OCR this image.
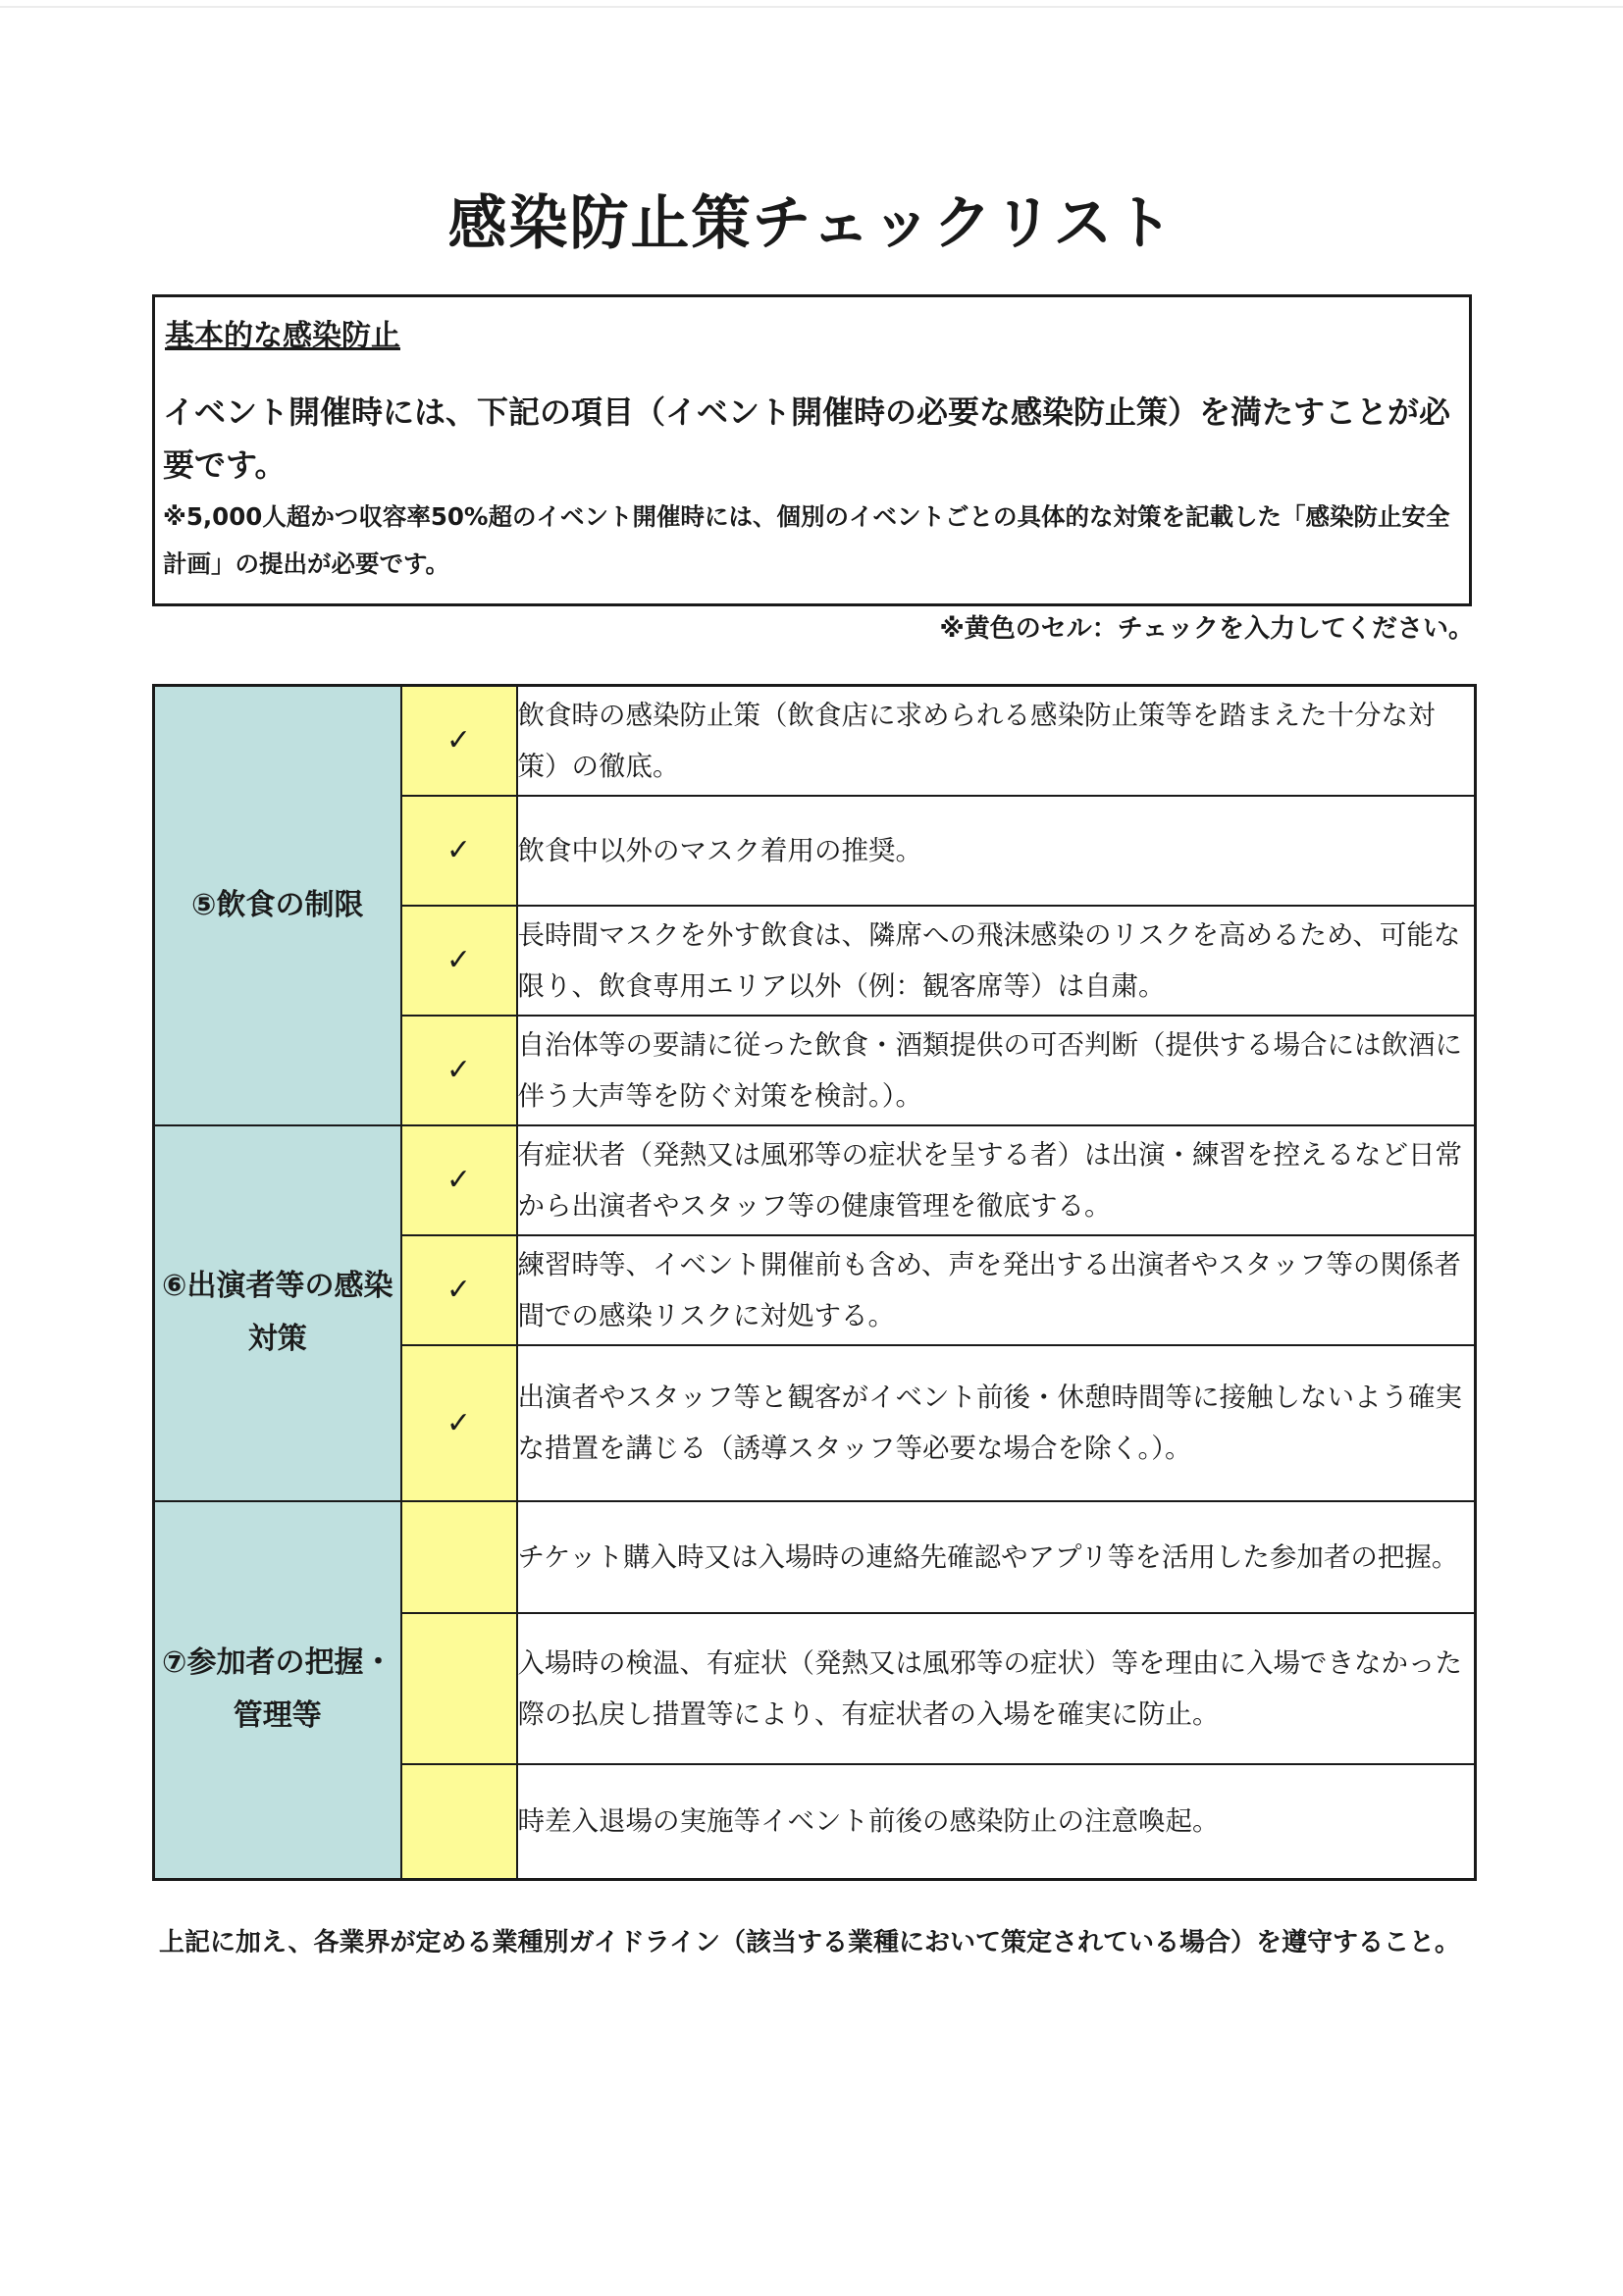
感染防止策チェックリスト
基本的な感染防止
イベント開催時には、下記の項目（イベント開催時の必要な感染防止策）を満たすことが必要です。
※5,000人超かつ収容率50%超のイベント開催時には、個別のイベントごとの具体的な対策を記載した「感染防止安全計画」の提出が必要です。
※黄色のセル：チェックを入力してください。
⑤飲食の制限	✓	飲食時の感染防止策（飲食店に求められる感染防止策等を踏まえた十分な対策）の徹底。
	✓	飲食中以外のマスク着用の推奨。
	✓	長時間マスクを外す飲食は、隣席への飛沫感染のリスクを高めるため、可能な限り、飲食専用エリア以外（例：観客席等）は自粛。
	✓	自治体等の要請に従った飲食・酒類提供の可否判断（提供する場合には飲酒に伴う大声等を防ぐ対策を検討。）。
⑥出演者等の感染対策	✓	有症状者（発熱又は風邪等の症状を呈する者）は出演・練習を控えるなど日常から出演者やスタッフ等の健康管理を徹底する。
	✓	練習時等、イベント開催前も含め、声を発出する出演者やスタッフ等の関係者間での感染リスクに対処する。
	✓	出演者やスタッフ等と観客がイベント前後・休憩時間等に接触しないよう確実な措置を講じる（誘導スタッフ等必要な場合を除く。）。
⑦参加者の把握・管理等		チケット購入時又は入場時の連絡先確認やアプリ等を活用した参加者の把握。
		入場時の検温、有症状（発熱又は風邪等の症状）等を理由に入場できなかった際の払戻し措置等により、有症状者の入場を確実に防止。
		時差入退場の実施等イベント前後の感染防止の注意喚起。
上記に加え、各業界が定める業種別ガイドライン（該当する業種において策定されている場合）を遵守すること。
